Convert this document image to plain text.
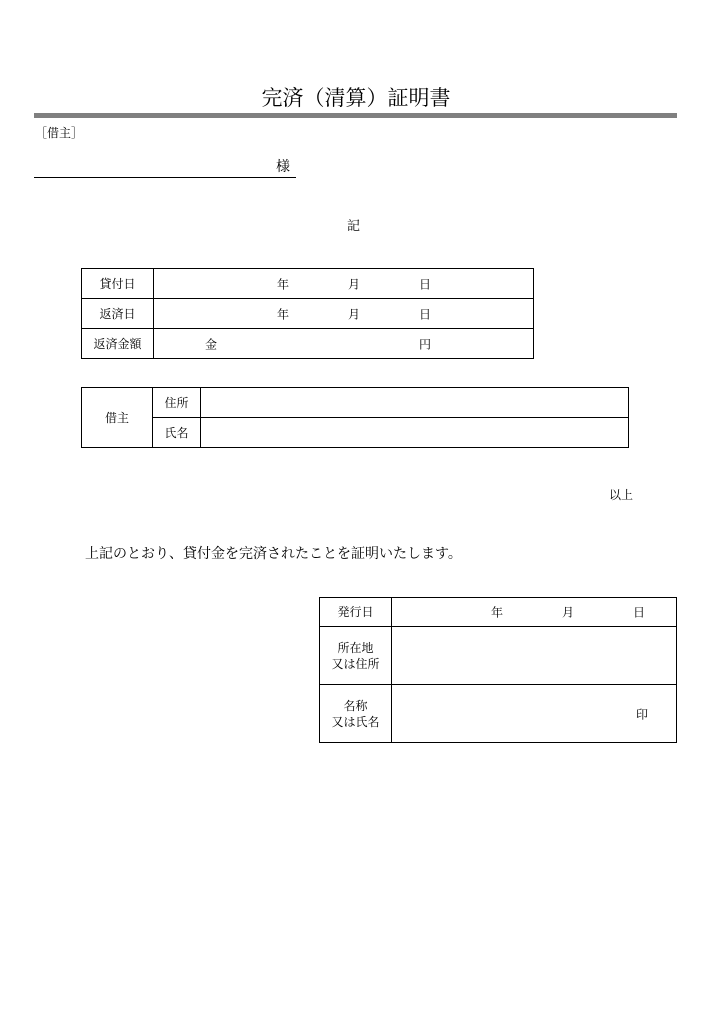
完済（清算）証明書
［借主］
様
記
貸付日	年 月 日

返済日	年 月 日

返済金額	金 円
借主	住所	
	氏名	
以上
上記のとおり、貸付金を完済されたことを証明いたします。
発行日	年 月 日

所在地
又は住所	

名称
又は氏名	印
